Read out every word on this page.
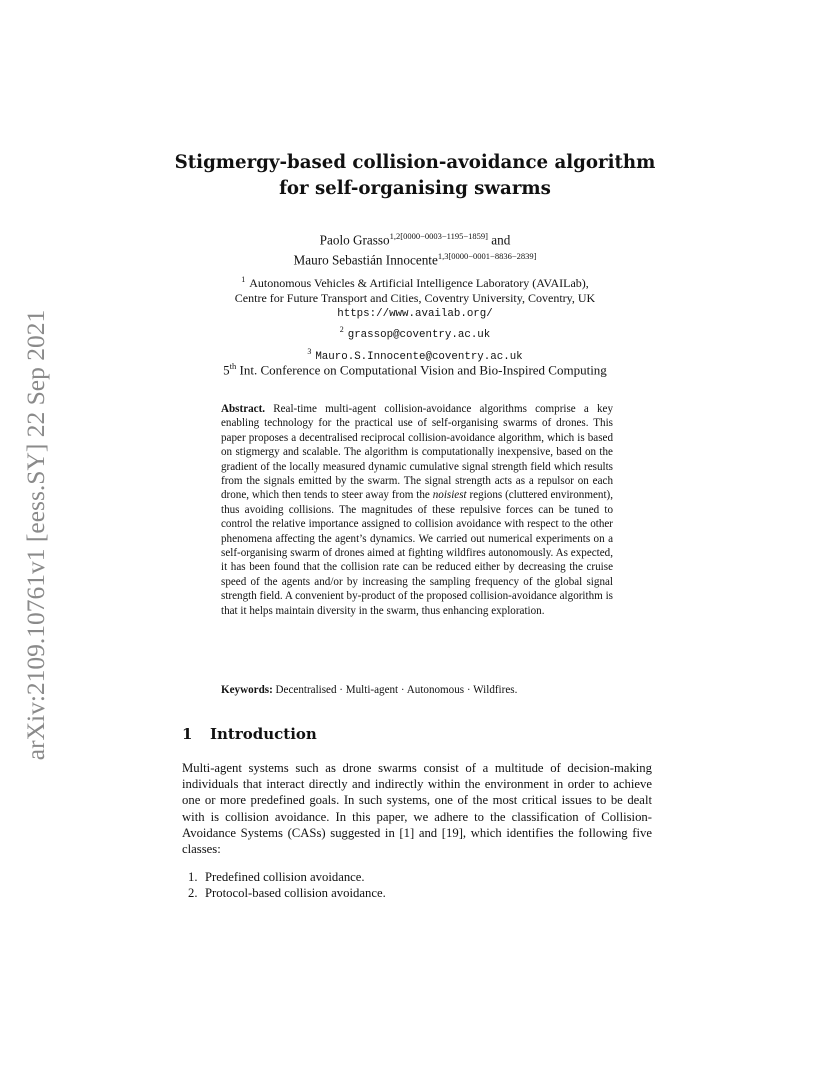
arXiv:2109.10761v1 [eess.SY] 22 Sep 2021
Stigmergy-based collision-avoidance algorithm
for self-organising swarms
Paolo Grasso$^{1,2[0000-0003-1195-1859]}$ and
Mauro Sebastián Innocente$^{1,3[0000-0001-8836-2839]}$
$^1$ Autonomous Vehicles & Artificial Intelligence Laboratory (AVAILab),
Centre for Future Transport and Cities, Coventry University, Coventry, UK
https://www.availab.org/
$^2$ grassop@coventry.ac.uk
$^3$ Mauro.S.Innocente@coventry.ac.uk
5th Int. Conference on Computational Vision and Bio-Inspired Computing
Abstract. Real-time multi-agent collision-avoidance algorithms comprise a key enabling technology for the practical use of self-organising swarms of drones. This paper proposes a decentralised reciprocal collision-avoidance algorithm, which is based on stigmergy and scalable. The algorithm is computationally inexpensive, based on the gradient of the locally measured dynamic cumulative signal strength field which results from the signals emitted by the swarm. The signal strength acts as a repulsor on each drone, which then tends to steer away from the noisiest regions (cluttered environment), thus avoiding collisions. The magnitudes of these repulsive forces can be tuned to control the relative importance assigned to collision avoidance with respect to the other phenomena affecting the agent’s dynamics. We carried out numerical experiments on a self-organising swarm of drones aimed at fighting wildfires autonomously. As expected, it has been found that the collision rate can be reduced either by decreasing the cruise speed of the agents and/or by increasing the sampling frequency of the global signal strength field. A convenient by-product of the proposed collision-avoidance algorithm is that it helps maintain diversity in the swarm, thus enhancing exploration.
Keywords: Decentralised · Multi-agent · Autonomous · Wildfires.
1 Introduction
Multi-agent systems such as drone swarms consist of a multitude of decision-making individuals that interact directly and indirectly within the environment in order to achieve one or more predefined goals. In such systems, one of the most critical issues to be dealt with is collision avoidance. In this paper, we adhere to the classification of Collision-Avoidance Systems (CASs) suggested in [1] and [19], which identifies the following five classes:
1. Predefined collision avoidance.
2. Protocol-based collision avoidance.
